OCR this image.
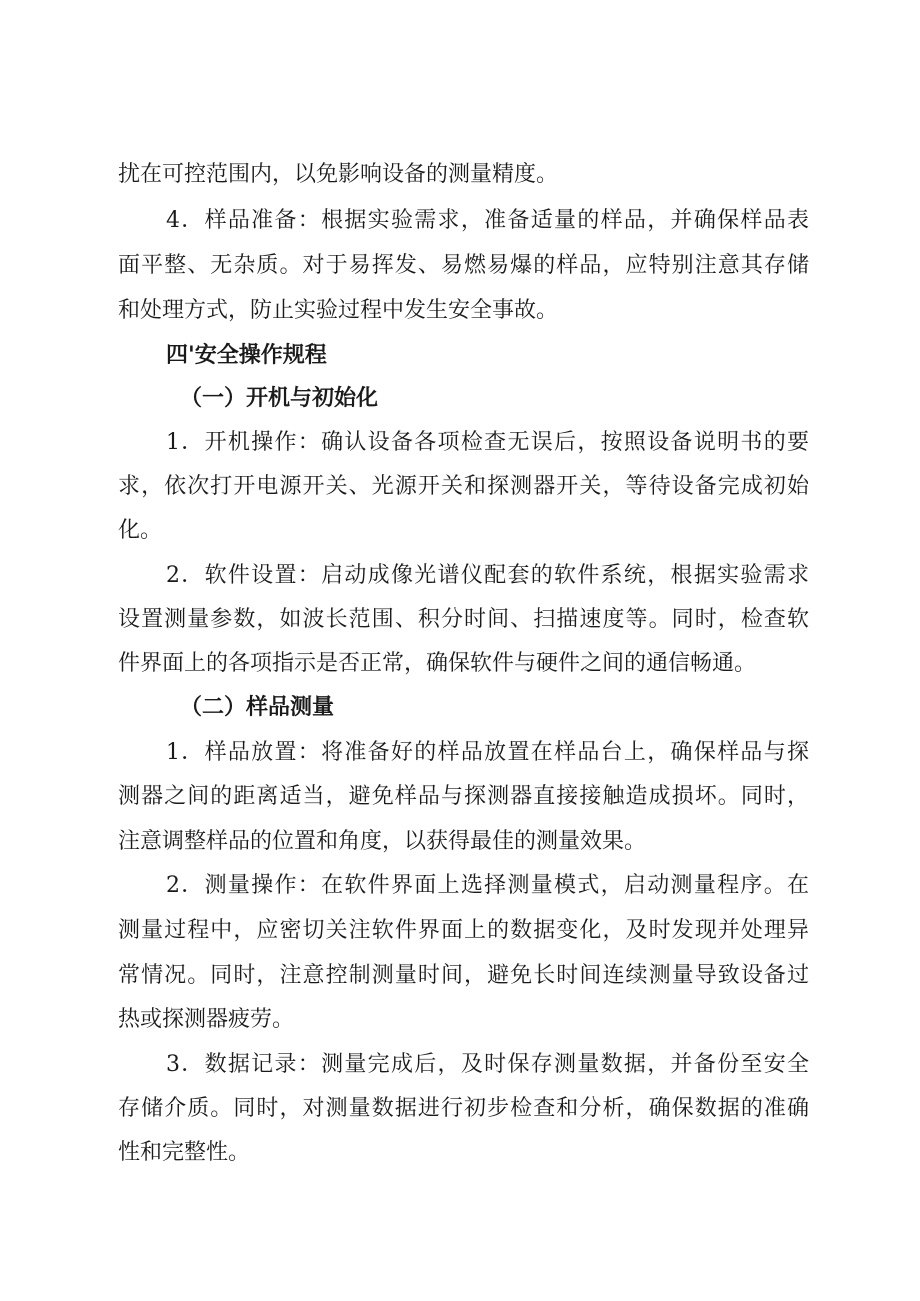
扰在可控范围内，以免影响设备的测量精度。

4．样品准备：根据实验需求，准备适量的样品，并确保样品表

面平整、无杂质。对于易挥发、易燃易爆的样品，应特别注意其存储

和处理方式，防止实验过程中发生安全事故。

四'安全操作规程

（一）开机与初始化

1．开机操作：确认设备各项检查无误后，按照设备说明书的要

求，依次打开电源开关、光源开关和探测器开关，等待设备完成初始

化。

2．软件设置：启动成像光谱仪配套的软件系统，根据实验需求

设置测量参数，如波长范围、积分时间、扫描速度等。同时，检查软

件界面上的各项指示是否正常，确保软件与硬件之间的通信畅通。

（二）样品测量

1．样品放置：将准备好的样品放置在样品台上，确保样品与探

测器之间的距离适当，避免样品与探测器直接接触造成损坏。同时，

注意调整样品的位置和角度，以获得最佳的测量效果。

2．测量操作：在软件界面上选择测量模式，启动测量程序。在

测量过程中，应密切关注软件界面上的数据变化，及时发现并处理异

常情况。同时，注意控制测量时间，避免长时间连续测量导致设备过

热或探测器疲劳。

3．数据记录：测量完成后，及时保存测量数据，并备份至安全

存储介质。同时，对测量数据进行初步检查和分析，确保数据的准确

性和完整性。
